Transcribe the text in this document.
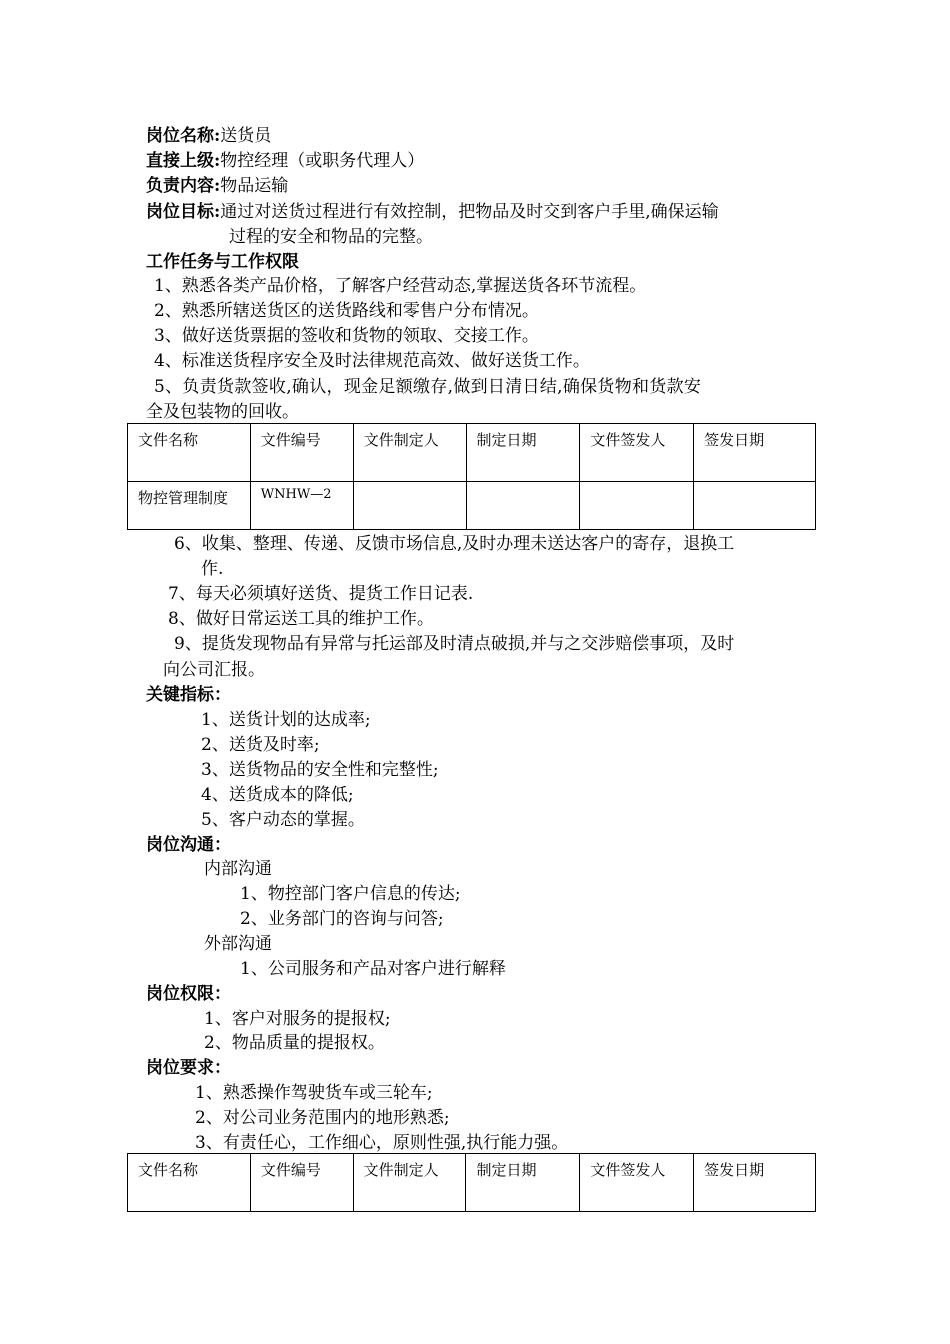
岗位名称:送货员
直接上级:物控经理（或职务代理人）
负责内容:物品运输
岗位目标:通过对送货过程进行有效控制，把物品及时交到客户手里,确保运输
过程的安全和物品的完整。
工作任务与工作权限
1、熟悉各类产品价格，了解客户经营动态,掌握送货各环节流程。
2、熟悉所辖送货区的送货路线和零售户分布情况。
3、做好送货票据的签收和货物的领取、交接工作。
4、标准送货程序安全及时法律规范高效、做好送货工作。
5、负责货款签收,确认，现金足额缴存,做到日清日结,确保货物和货款安
全及包装物的回收。
文件名称	文件编号	文件制定人	制定日期	文件签发人	签发日期
物控管理制度	WNHW—2				
6、收集、整理、传递、反馈市场信息,及时办理未送达客户的寄存，退换工
作.
7、每天必须填好送货、提货工作日记表.
8、做好日常运送工具的维护工作。
9、提货发现物品有异常与托运部及时清点破损,并与之交涉赔偿事项，及时
向公司汇报。
关键指标：
1、送货计划的达成率;
2、送货及时率;
3、送货物品的安全性和完整性;
4、送货成本的降低;
5、客户动态的掌握。
岗位沟通：
内部沟通
1、物控部门客户信息的传达;
2、业务部门的咨询与问答;
外部沟通
1、公司服务和产品对客户进行解释
岗位权限：
1、客户对服务的提报权;
2、物品质量的提报权。
岗位要求：
1、熟悉操作驾驶货车或三轮车;
2、对公司业务范围内的地形熟悉;
3、有责任心，工作细心，原则性强,执行能力强。
文件名称	文件编号	文件制定人	制定日期	文件签发人	签发日期
